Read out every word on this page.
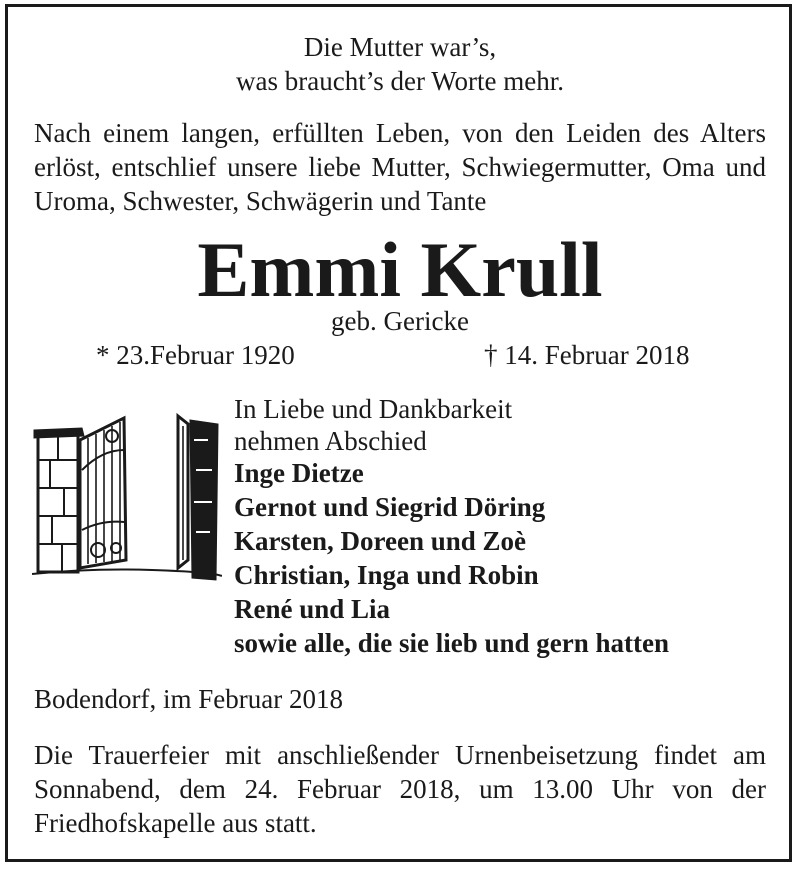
Die Mutter war’s,
was braucht’s der Worte mehr.
Nach einem langen, erfüllten Leben, von den Leiden des Alters erlöst, entschlief unsere liebe Mutter, Schwiegermutter, Oma und Uroma, Schwester, Schwägerin und Tante
Emmi Krull
geb. Gericke
* 23.Februar 1920	† 14. Februar 2018
In Liebe und Dankbarkeit
nehmen Abschied
Inge Dietze
Gernot und Siegrid Döring
Karsten, Doreen und Zoè
Christian, Inga und Robin
René und Lia
sowie alle, die sie lieb und gern hatten
Bodendorf, im Februar 2018
Die Trauerfeier mit anschließender Urnenbeisetzung findet am Sonnabend, dem 24. Februar 2018, um 13.00 Uhr von der Friedhofskapelle aus statt.
